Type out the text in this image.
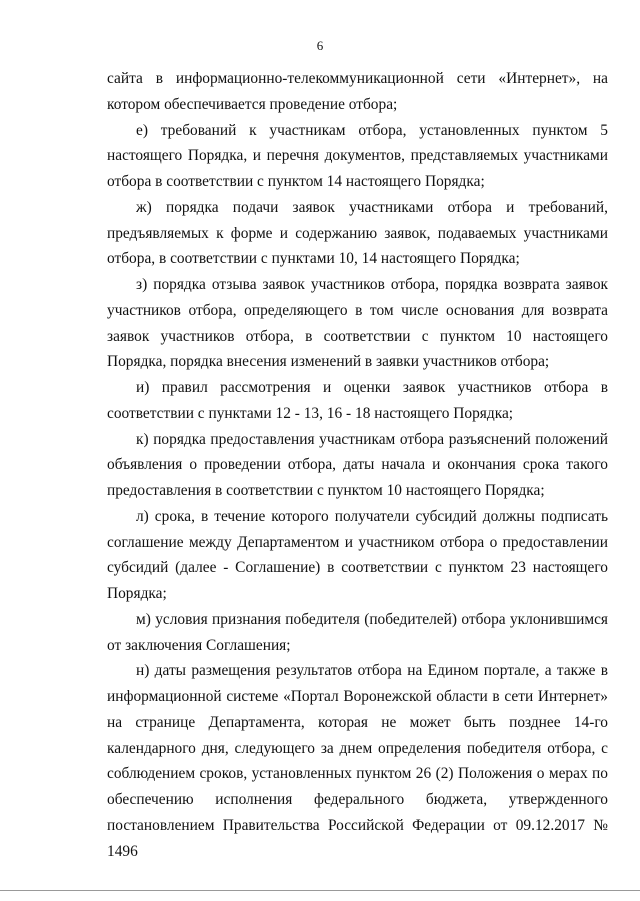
6

сайта в информационно-телекоммуникационной сети «Интернет», на котором обеспечивается проведение отбора;

е) требований к участникам отбора, установленных пунктом 5 настоящего Порядка, и перечня документов, представляемых участниками отбора в соответствии с пунктом 14 настоящего Порядка;

ж) порядка подачи заявок участниками отбора и требований, предъявляемых к форме и содержанию заявок, подаваемых участниками отбора, в соответствии с пунктами 10, 14 настоящего Порядка;

з) порядка отзыва заявок участников отбора, порядка возврата заявок участников отбора, определяющего в том числе основания для возврата заявок участников отбора, в соответствии с пунктом 10 настоящего Порядка, порядка внесения изменений в заявки участников отбора;

и) правил рассмотрения и оценки заявок участников отбора в соответствии с пунктами 12 - 13, 16 - 18 настоящего Порядка;

к) порядка предоставления участникам отбора разъяснений положений объявления о проведении отбора, даты начала и окончания срока такого предоставления в соответствии с пунктом 10 настоящего Порядка;

л) срока, в течение которого получатели субсидий должны подписать соглашение между Департаментом и участником отбора о предоставлении субсидий (далее - Соглашение) в соответствии с пунктом 23 настоящего Порядка;

м) условия признания победителя (победителей) отбора уклонившимся от заключения Соглашения;

н) даты размещения результатов отбора на Едином портале, а также в информационной системе «Портал Воронежской области в сети Интернет» на странице Департамента, которая не может быть позднее 14-го календарного дня, следующего за днем определения победителя отбора, с соблюдением сроков, установленных пунктом 26 (2) Положения о мерах по обеспечению исполнения федерального бюджета, утвержденного постановлением Правительства Российской Федерации от 09.12.2017 № 1496
